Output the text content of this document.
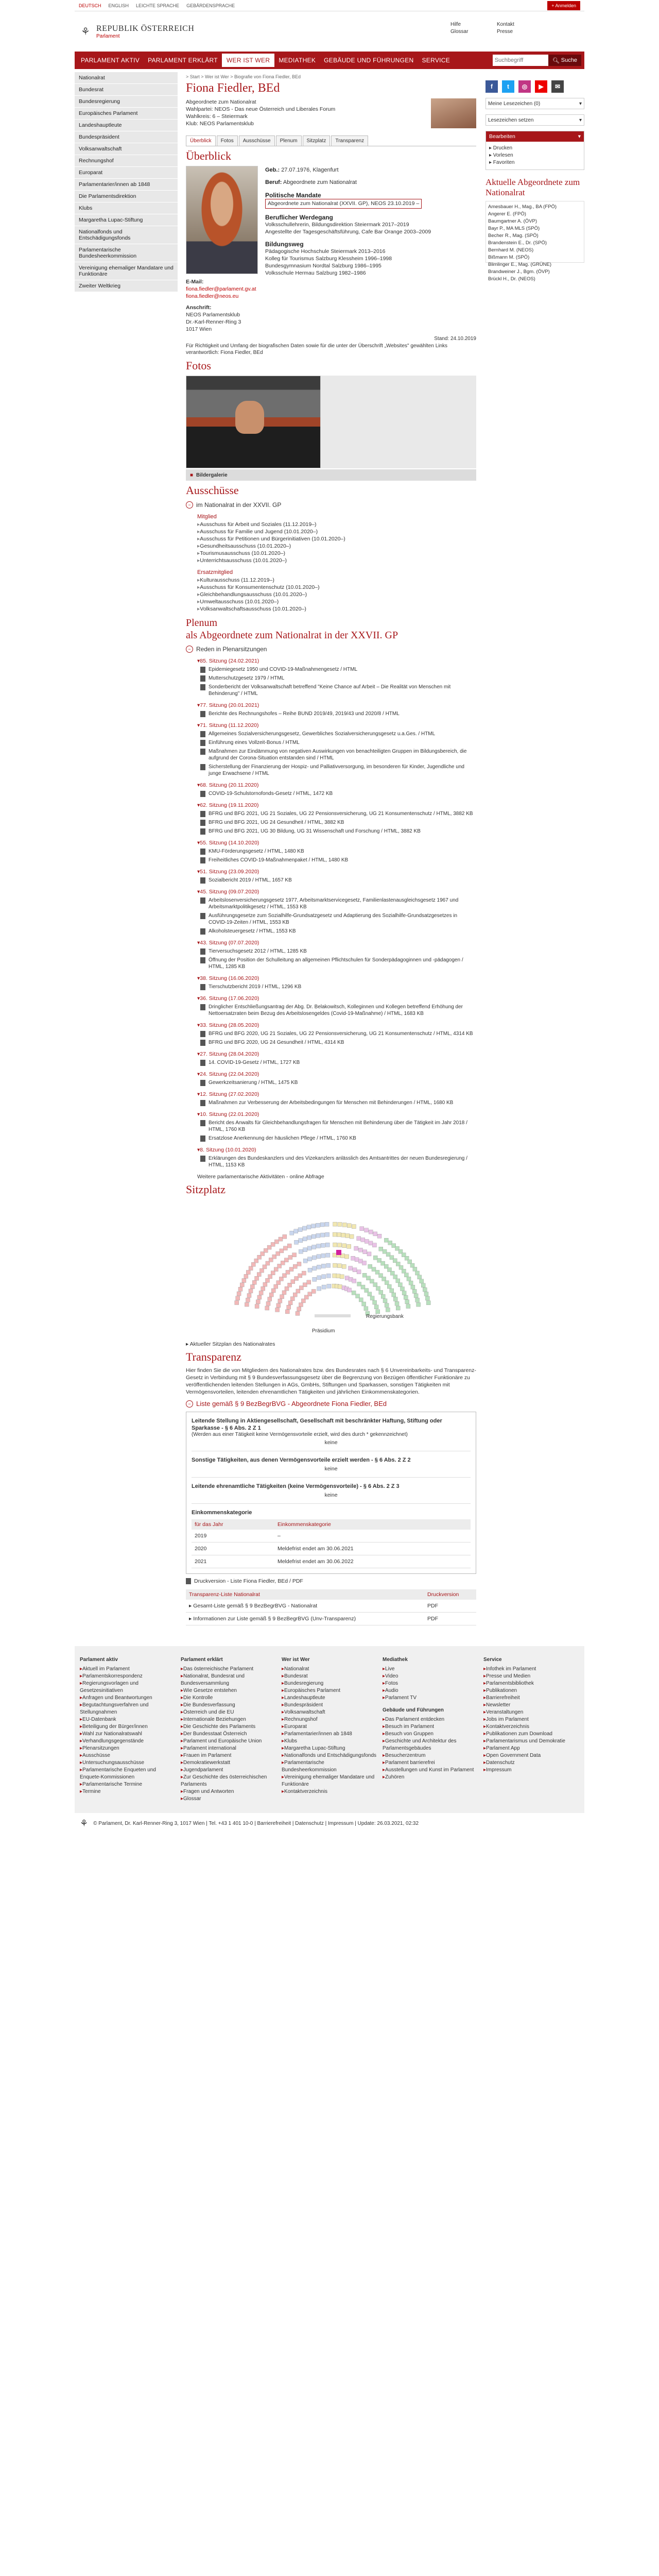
DEUTSCH ENGLISH LEICHTE SPRACHE GEBÄRDENSPRACHE	+ Anmelden
⚘ REPUBLIK ÖSTERREICH
Parlament
Hilfe	Kontakt
Glossar	Presse
PARLAMENT AKTIV	PARLAMENT ERKLÄRT	WER IST WER	MEDIATHEK	GEBÄUDE UND FÜHRUNGEN	SERVICE
Suchbegriff	🔍︎ Suche
Nationalrat
Bundesrat
Bundesregierung
Europäisches Parlament
Landeshauptleute
Bundespräsident
Volksanwaltschaft
Rechnungshof
Europarat
Parlamentarier/innen ab 1848
Die Parlamentsdirektion
Klubs
Margaretha Lupac-Stiftung
Nationalfonds und Entschädigungsfonds
Parlamentarische Bundesheerkommission
Vereinigung ehemaliger Mandatare und Funktionäre
Zweiter Weltkrieg
> Start > Wer ist Wer > Biografie von Fiona Fiedler, BEd
Fiona Fiedler, BEd
Abgeordnete zum Nationalrat
Wahlpartei: NEOS - Das neue Österreich und Liberales Forum
Wahlkreis: 6 – Steiermark
Klub: NEOS Parlamentsklub
Überblick	Fotos	Ausschüsse	Plenum	Sitzplatz	Transparenz
Überblick
E-Mail:
fiona.fiedler@parlament.gv.at
fiona.fiedler@neos.eu
Anschrift:
NEOS Parlamentsklub
Dr.-Karl-Renner-Ring 3
1017 Wien
Geb.: 27.07.1976, Klagenfurt
Beruf: Abgeordnete zum Nationalrat
Politische Mandate
Abgeordnete zum Nationalrat (XXVII. GP), NEOS 23.10.2019 –
Beruflicher Werdegang
Volksschullehrerin, Bildungsdirektion Steiermark 2017–2019
Angestellte der Tagesgeschäftsführung, Cafe Bar Orange 2003–2009
Bildungsweg
Pädagogische Hochschule Steiermark 2013–2016
Kolleg für Tourismus Salzburg Klessheim 1996–1998
Bundesgymnasium Nordtal Salzburg 1986–1995
Volksschule Hermau Salzburg 1982–1986
Stand: 24.10.2019
Für Richtigkeit und Umfang der biografischen Daten sowie für die unter der Überschrift „Websites" gewählten Links verantwortlich: Fiona Fiedler, BEd
Fotos
■ Bildergalerie
Ausschüsse
− im Nationalrat in der XXVII. GP
Mitglied
▸ Ausschuss für Arbeit und Soziales (11.12.2019–)
▸ Ausschuss für Familie und Jugend (10.01.2020–)
▸ Ausschuss für Petitionen und Bürgerinitiativen (10.01.2020–)
▸ Gesundheitsausschuss (10.01.2020–)
▸ Tourismusausschuss (10.01.2020–)
▸ Unterrichtsausschuss (10.01.2020–)
Ersatzmitglied
▸ Kulturausschuss (11.12.2019–)
▸ Ausschuss für Konsumentenschutz (10.01.2020–)
▸ Gleichbehandlungsausschuss (10.01.2020–)
▸ Umweltausschuss (10.01.2020–)
▸ Volksanwaltschaftsausschuss (10.01.2020–)
Plenum
als Abgeordnete zum Nationalrat in der XXVII. GP
− Reden in Plenarsitzungen
▾ 85. Sitzung (24.02.2021)
Epidemiegesetz 1950 und COVID-19-Maßnahmengesetz / HTML
Mutterschutzgesetz 1979 / HTML
Sonderbericht der Volksanwaltschaft betreffend "Keine Chance auf Arbeit – Die Realität von Menschen mit Behinderung" / HTML
▾ 77. Sitzung (20.01.2021)
Berichte des Rechnungshofes – Reihe BUND 2019/49, 2019/43 und 2020/8 / HTML
▾ 71. Sitzung (11.12.2020)
Allgemeines Sozialversicherungsgesetz, Gewerbliches Sozialversicherungsgesetz u.a.Ges. / HTML
Einführung eines Vollzeit-Bonus / HTML
Maßnahmen zur Eindämmung von negativen Auswirkungen von benachteiligten Gruppen im Bildungsbereich, die aufgrund der Corona-Situation entstanden sind / HTML
Sicherstellung der Finanzierung der Hospiz- und Palliativversorgung, im besonderen für Kinder, Jugendliche und junge Erwachsene / HTML
▾ 68. Sitzung (20.11.2020)
COVID-19-Schulstornofonds-Gesetz / HTML, 1472 KB
▾ 62. Sitzung (19.11.2020)
BFRG und BFG 2021, UG 21 Soziales, UG 22 Pensionsversicherung, UG 21 Konsumentenschutz / HTML, 3882 KB
BFRG und BFG 2021, UG 24 Gesundheit / HTML, 3882 KB
BFRG und BFG 2021, UG 30 Bildung, UG 31 Wissenschaft und Forschung / HTML, 3882 KB
▾ 55. Sitzung (14.10.2020)
KMU-Förderungsgesetz / HTML, 1480 KB
Freiheitliches COVID-19-Maßnahmenpaket / HTML, 1480 KB
▾ 51. Sitzung (23.09.2020)
Sozialbericht 2019 / HTML, 1657 KB
▾ 45. Sitzung (09.07.2020)
Arbeitslosenversicherungsgesetz 1977, Arbeitsmarktservicegesetz, Familienlastenausgleichsgesetz 1967 und Arbeitsmarktpolitikgesetz / HTML, 1553 KB
Ausführungsgesetze zum Sozialhilfe-Grundsatzgesetz und Adaptierung des Sozialhilfe-Grundsatzgesetzes in COVID-19-Zeiten / HTML, 1553 KB
Alkoholsteuergesetz / HTML, 1553 KB
▾ 43. Sitzung (07.07.2020)
Tierversuchsgesetz 2012 / HTML, 1285 KB
Öffnung der Position der Schulleitung an allgemeinen Pflichtschulen für Sonderpädagoginnen und -pädagogen / HTML, 1285 KB
▾ 38. Sitzung (16.06.2020)
Tierschutzbericht 2019 / HTML, 1296 KB
▾ 36. Sitzung (17.06.2020)
Dringlicher Entschließungsantrag der Abg. Dr. Belakowitsch, Kolleginnen und Kollegen betreffend Erhöhung der Nettoersatzraten beim Bezug des Arbeitslosengeldes (Covid-19-Maßnahme) / HTML, 1683 KB
▾ 33. Sitzung (28.05.2020)
BFRG und BFG 2020, UG 21 Soziales, UG 22 Pensionsversicherung, UG 21 Konsumentenschutz / HTML, 4314 KB
BFRG und BFG 2020, UG 24 Gesundheit / HTML, 4314 KB
▾ 27. Sitzung (28.04.2020)
14. COVID-19-Gesetz / HTML, 1727 KB
▾ 24. Sitzung (22.04.2020)
Gewerkzeitsanierung / HTML, 1475 KB
▾ 12. Sitzung (27.02.2020)
Maßnahmen zur Verbesserung der Arbeitsbedingungen für Menschen mit Behinderungen / HTML, 1680 KB
▾ 10. Sitzung (22.01.2020)
Bericht des Anwalts für Gleichbehandlungsfragen für Menschen mit Behinderung über die Tätigkeit im Jahr 2018 / HTML, 1760 KB
Ersatzlose Anerkennung der häuslichen Pflege / HTML, 1760 KB
▾ 8. Sitzung (10.01.2020)
Erklärungen des Bundeskanzlers und des Vizekanzlers anlässlich des Amtsantrittes der neuen Bundesregierung / HTML, 1153 KB
Weitere parlamentarische Aktivitäten - online Abfrage
Sitzplatz
Regierungsbank
Präsidium
▸ Aktueller Sitzplan des Nationalrates
Transparenz

Hier finden Sie die von Mitgliedern des Nationalrates bzw. des Bundesrates nach § 6 Unvereinbarkeits- und Transparenz-Gesetz in Verbindung mit § 9 Bundesverfassungsgesetz über die Begrenzung von Bezügen öffentlicher Funktionäre zu veröffentlichenden leitenden Stellungen in AGs, GmbHs, Stiftungen und Sparkassen, sonstigen Tätigkeiten mit Vermögensvorteilen, leitenden ehrenamtlichen Tätigkeiten und jährlichen Einkommenskategorien.

− Liste gemäß § 9 BezBegrBVG - Abgeordnete Fiona Fiedler, BEd
Leitende Stellung in Aktiengesellschaft, Gesellschaft mit beschränkter Haftung, Stiftung oder Sparkasse - § 6 Abs. 2 Z 1
(Werden aus einer Tätigkeit keine Vermögensvorteile erzielt, wird dies durch * gekennzeichnet)
keine
Sonstige Tätigkeiten, aus denen Vermögensvorteile erzielt werden - § 6 Abs. 2 Z 2
keine
Leitende ehrenamtliche Tätigkeiten (keine Vermögensvorteile) - § 6 Abs. 2 Z 3
keine
Einkommenskategorie
für das Jahr	Einkommenskategorie
2019	–
2020	Meldefrist endet am 30.06.2021
2021	Meldefrist endet am 30.06.2022
Druckversion - Liste Fiona Fiedler, BEd / PDF
Transparenz-Liste Nationalrat	Druckversion
▸ Gesamt-Liste gemäß § 9 BezBegrBVG - Nationalrat	PDF
▸ Informationen zur Liste gemäß § 9 BezBegrBVG (Unv-Transparenz)	PDF
f	t	◎	▶	✉
Meine Lesezeichen (0)	▾
Lesezeichen setzen	▾
Bearbeiten	▾
▸ Drucken
▸ Vorlesen
▸ Favoriten
Aktuelle Abgeordnete zum Nationalrat
Amesbauer H., Mag., BA (FPÖ)
Angerer E. (FPÖ)
Baumgartner A. (ÖVP)
Bayr P., MA MLS (SPÖ)
Becher R., Mag. (SPÖ)
Brandenstein E., Dr. (SPÖ)
Bernhard M. (NEOS)
Bißmann M. (SPÖ)
Blimlinger E., Mag. (GRÜNE)
Brandweiner J., Bgm. (ÖVP)
Brückl H., Dr. (NEOS)
Parlament aktiv
▸ Aktuell im Parlament
▸ Parlamentskorrespondenz
▸ Regierungsvorlagen und Gesetzesinitiativen
▸ Anfragen und Beantwortungen
▸ Begutachtungsverfahren und Stellungnahmen
▸ EU-Datenbank
▸ Beteiligung der Bürger/innen
▸ Wahl zur Nationalratswahl
▸ Verhandlungsgegenstände
▸ Plenarsitzungen
▸ Ausschüsse
▸ Untersuchungsausschüsse
▸ Parlamentarische Enqueten und Enquete-Kommissionen
▸ Parlamentarische Termine
▸ Termine
Parlament erklärt
▸ Das österreichische Parlament
▸ Nationalrat, Bundesrat und Bundesversammlung
▸ Wie Gesetze entstehen
▸ Die Kontrolle
▸ Die Bundesverfassung
▸ Österreich und die EU
▸ Internationale Beziehungen
▸ Die Geschichte des Parlaments
▸ Der Bundesstaat Österreich
▸ Parlament und Europäische Union
▸ Parlament international
▸ Frauen im Parlament
▸ Demokratiewerkstatt
▸ Jugendparlament
▸ Zur Geschichte des österreichischen Parlaments
▸ Fragen und Antworten
▸ Glossar
Wer ist Wer
▸ Nationalrat
▸ Bundesrat
▸ Bundesregierung
▸ Europäisches Parlament
▸ Landeshauptleute
▸ Bundespräsident
▸ Volksanwaltschaft
▸ Rechnungshof
▸ Europarat
▸ Parlamentarier/innen ab 1848
▸ Klubs
▸ Margaretha Lupac-Stiftung
▸ Nationalfonds und Entschädigungsfonds
▸ Parlamentarische Bundesheerkommission
▸ Vereinigung ehemaliger Mandatare und Funktionäre
▸ Kontaktverzeichnis
Mediathek
▸ Live
▸ Video
▸ Fotos
▸ Audio
▸ Parlament TV
Gebäude und Führungen
▸ Das Parlament entdecken
▸ Besuch im Parlament
▸ Besuch von Gruppen
▸ Geschichte und Architektur des Parlamentsgebäudes
▸ Besucherzentrum
▸ Parlament barrierefrei
▸ Ausstellungen und Kunst im Parlament
▸ Zuhören
Service
▸ Infothek im Parlament
▸ Presse und Medien
▸ Parlamentsbibliothek
▸ Publikationen
▸ Barrierefreiheit
▸ Newsletter
▸ Veranstaltungen
▸ Jobs im Parlament
▸ Kontaktverzeichnis
▸ Publikationen zum Download
▸ Parlamentarismus und Demokratie
▸ Parlament App
▸ Open Government Data
▸ Datenschutz
▸ Impressum
⚘ © Parlament, Dr. Karl-Renner-Ring 3, 1017 Wien | Tel. +43 1 401 10-0 | Barrierefreiheit | Datenschutz | Impressum | Update: 26.03.2021, 02:32
